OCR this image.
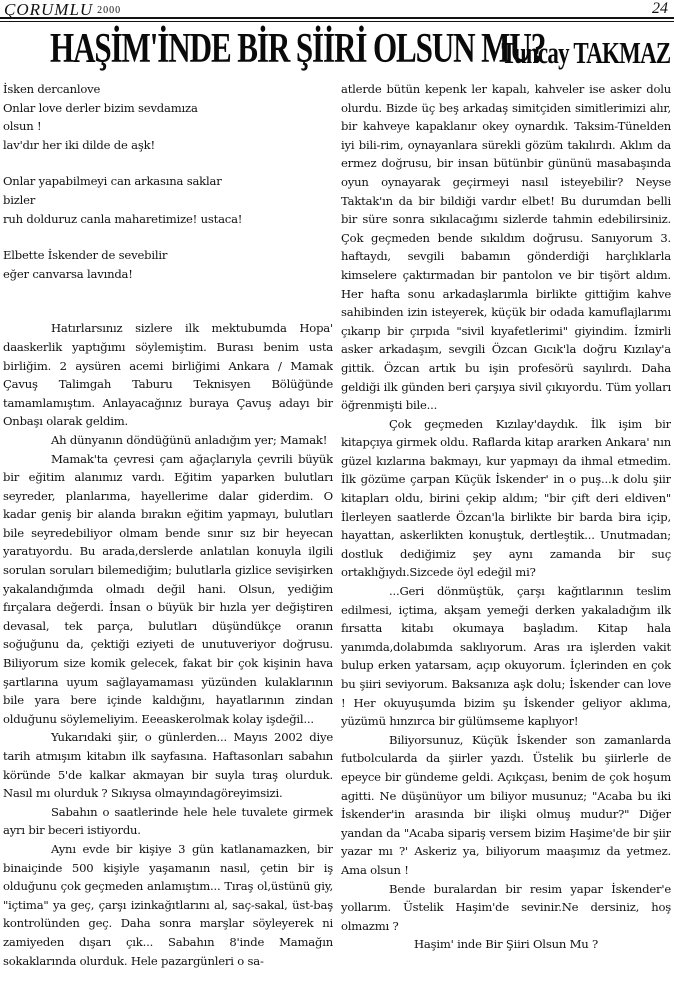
ÇORUMLU 2000	24
HAŞİM'İNDE BİR ŞİİRİ OLSUN MU?
Tuncay TAKMAZ

İsken dercanlove

Onlar love derler bizim sevdamıza

olsun !

lav'dır her iki dilde de aşk!

Onlar yapabilmeyi can arkasına saklar

bizler

ruh dolduruz canla maharetimize! ustaca!

Elbette İskender de sevebilir

eğer canvarsa lavında!

Hatırlarsınız sizlere ilk mektubumda Hopa' daaskerlik yaptığımı söylemiştim. Burası benim usta birliğim. 2 aysüren acemi birliğimi Ankara / Mamak Çavuş Talimgah Taburu Teknisyen Bölüğünde tamamlamıştım. Anlayacağınız buraya Çavuş adayı bir Onbaşı olarak geldim.

Ah dünyanın döndüğünü anladığım yer; Mamak!

Mamak'ta çevresi çam ağaçlarıyla çevrili büyük bir eğitim alanımız vardı. Eğitim yaparken bulutları seyreder, planlarıma, hayellerime dalar giderdim. O kadar geniş bir alanda bırakın eğitim yapmayı, bulutları bile seyredebiliyor olmam bende sınır sız bir heyecan yaratıyordu. Bu arada,derslerde anlatılan konuyla ilgili sorulan soruları bilemediğim; bulutlarla gizlice sevişirken yakalandığımda olmadı değil hani. Olsun, yediğim fırçalara değerdi. İnsan o büyük bir hızla yer değiştiren devasal, tek parça, bulutları düşündükçe oranın soğuğunu da, çektiği eziyeti de unutuveriyor doğrusu. Biliyorum size komik gelecek, fakat bir çok kişinin hava şartlarına uyum sağlayamaması yüzünden kulaklarının bile yara bere içinde kaldığını, hayatlarının zindan olduğunu söylemeliyim. Eeeaskerolmak kolay işdeğil...

Yukarıdaki şiir, o günlerden... Mayıs 2002 diye tarih atmışım kitabın ilk sayfasına. Haftasonları sabahın köründe 5'de kalkar akmayan bir suyla tıraş olurduk. Nasıl mı olurduk ? Sıkıysa olmayındagöreyimsizi.

Sabahın o saatlerinde hele hele tuvalete girmek ayrı bir beceri istiyordu.

Aynı evde bir kişiye 3 gün katlanamazken, bir binaiçinde 500 kişiyle yaşamanın nasıl, çetin bir iş olduğunu çok geçmeden anlamıştım... Tıraş ol,üstünü giy, "içtima" ya geç, çarşı izinkağıtlarını al, saç-sakal, üst-baş kontrolünden geç. Daha sonra marşlar söyleyerek ni zamiyeden dışarı çık... Sabahın 8'inde Mamağın sokaklarında olurduk. Hele pazargünleri o sa-

atlerde bütün kepenk ler kapalı, kahveler ise asker dolu olurdu. Bizde üç beş arkadaş simitçiden simitlerimizi alır, bir kahveye kapaklanır okey oynardık. Taksim-Tünelden iyi bili-rim, oynayanlara sürekli gözüm takılırdı. Aklım da ermez doğrusu, bir insan bütünbir gününü masabaşında oyun oynayarak geçirmeyi nasıl isteyebilir? Neyse Taktak'ın da bir bildiği vardır elbet! Bu durumdan belli bir süre sonra sıkılacağımı sizlerde tahmin edebilirsiniz. Çok geçmeden bende sıkıldım doğrusu. Sanıyorum 3. haftaydı, sevgili babamın gönderdiği harçlıklarla kimselere çaktırmadan bir pantolon ve bir tişört aldım. Her hafta sonu arkadaşlarımla birlikte gittiğim kahve sahibinden izin isteyerek, küçük bir odada kamuflajlarımı çıkarıp bir çırpıda "sivil kıyafetlerimi" giyindim. İzmirli asker arkadaşım, sevgili Özcan Gıcık'la doğru Kızılay'a gittik. Özcan artık bu işin profesörü sayılırdı. Daha geldiği ilk günden beri çarşıya sivil çıkıyordu. Tüm yolları öğrenmişti bile...

Çok geçmeden Kızılay'daydık. İlk işim bir kitapçıya girmek oldu. Raflarda kitap ararken Ankara' nın güzel kızlarına bakmayı, kur yapmayı da ihmal etmedim. İlk gözüme çarpan Küçük İskender' in o puş...k dolu şiir kitapları oldu, birini çekip aldım; "bir çift deri eldiven" İlerleyen saatlerde Özcan'la birlikte bir barda bira içip, hayattan, askerlikten konuştuk, dertleştik... Unutmadan; dostluk dediğimiz şey aynı zamanda bir suç ortaklığıydı.Sizcede öyl edeğil mi?

...Geri dönmüştük, çarşı kağıtlarının teslim edilmesi, içtima, akşam yemeği derken yakaladığım ilk fırsatta kitabı okumaya başladım. Kitap hala yanımda,dolabımda saklıyorum. Aras ıra işlerden vakit bulup erken yatarsam, açıp okuyorum. İçlerinden en çok bu şiiri seviyorum. Baksanıza aşk dolu; İskender can love ! Her okuyuşumda bizim şu İskender geliyor aklıma, yüzümü hınzırca bir gülümseme kaplıyor!

Biliyorsunuz, Küçük İskender son zamanlarda futbolcularda da şiirler yazdı. Üstelik bu şiirlerle de epeyce bir gündeme geldi. Açıkçası, benim de çok hoşum agitti. Ne düşünüyor um biliyor musunuz; "Acaba bu iki İskender'in arasında bir ilişki olmuş mudur?" Diğer yandan da "Acaba sipariş versem bizim Haşime'de bir şiir yazar mı ?' Askeriz ya, biliyorum maaşımız da yetmez. Ama olsun !

Bende buralardan bir resim yapar İskender'e yollarım. Üstelik Haşim'de sevinir.Ne dersiniz, hoş olmazmı ?

Haşim' inde Bir Şiiri Olsun Mu ?
